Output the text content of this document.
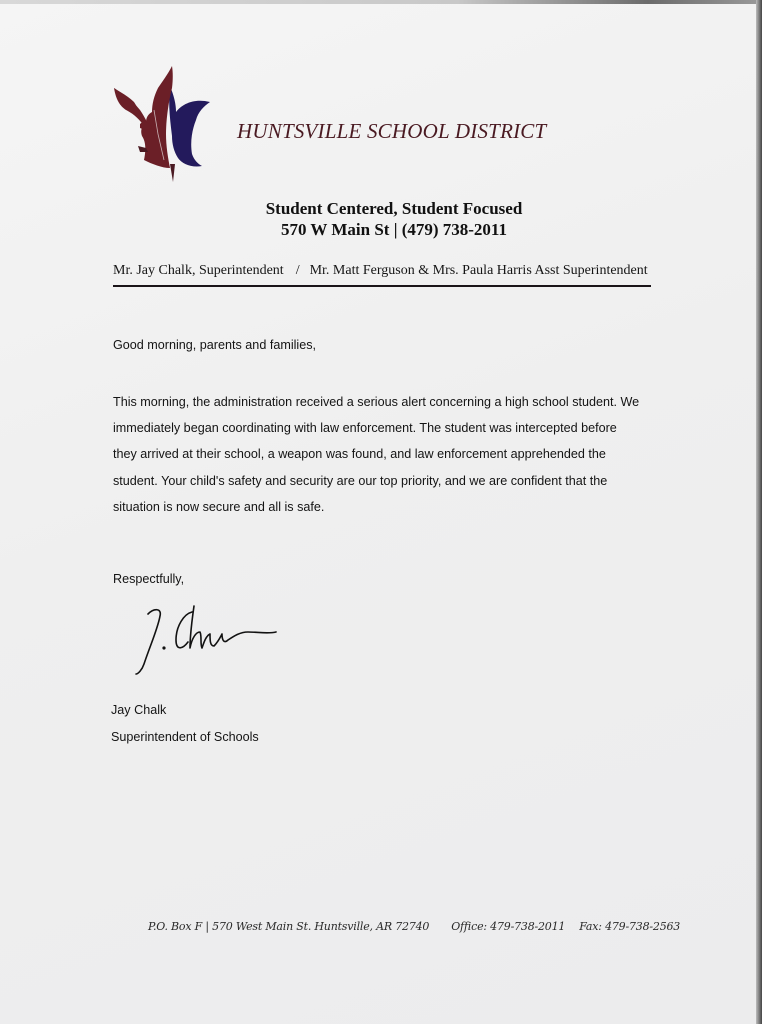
HUNTSVILLE SCHOOL DISTRICT
Student Centered, Student Focused
570 W Main St | (479) 738-2011
Mr. Jay Chalk, Superintendent / Mr. Matt Ferguson & Mrs. Paula Harris Asst Superintendent
Good morning, parents and families,
This morning, the administration received a serious alert concerning a high school student. We
immediately began coordinating with law enforcement. The student was intercepted before
they arrived at their school, a weapon was found, and law enforcement apprehended the
student. Your child's safety and security are our top priority, and we are confident that the
situation is now secure and all is safe.
Respectfully,
Jay Chalk
Superintendent of Schools
P.O. Box F | 570 West Main St. Huntsville, AR 72740 Office: 479-738-2011 Fax: 479-738-2563
